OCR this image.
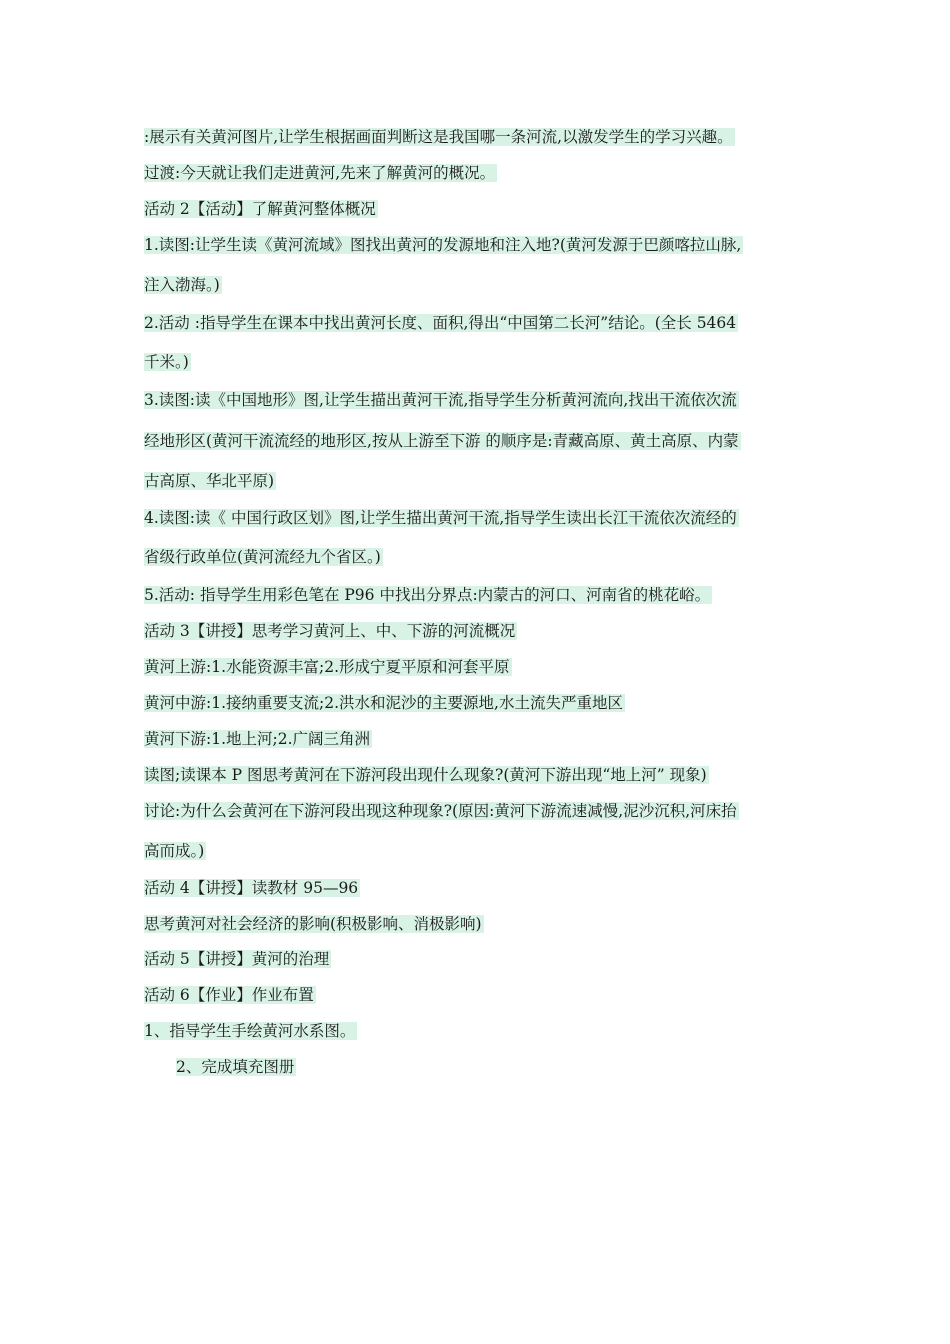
:展示有关黄河图片,让学生根据画面判断这是我国哪一条河流,以激发学生的学习兴趣。
过渡:今天就让我们走进黄河,先来了解黄河的概况。
活动 2【活动】了解黄河整体概况
1.读图:让学生读《黄河流域》图找出黄河的发源地和注入地?(黄河发源于巴颜喀拉山脉,
注入渤海。)
2.活动 :指导学生在课本中找出黄河长度、面积,得出“中国第二长河”结论。(全长 5464
千米。)
3.读图:读《中国地形》图,让学生描出黄河干流,指导学生分析黄河流向,找出干流依次流
经地形区(黄河干流流经的地形区,按从上游至下游 的顺序是:青藏高原、黄土高原、内蒙
古高原、华北平原)
4.读图:读《 中国行政区划》图,让学生描出黄河干流,指导学生读出长江干流依次流经的
省级行政单位(黄河流经九个省区。)
5.活动: 指导学生用彩色笔在 P96 中找出分界点:内蒙古的河口、河南省的桃花峪。
活动 3【讲授】思考学习黄河上、中、下游的河流概况
黄河上游:1.水能资源丰富;2.形成宁夏平原和河套平原
黄河中游:1.接纳重要支流;2.洪水和泥沙的主要源地,水土流失严重地区
黄河下游:1.地上河;2.广阔三角洲
读图;读课本 P 图思考黄河在下游河段出现什么现象?(黄河下游出现“地上河” 现象)
讨论:为什么会黄河在下游河段出现这种现象?(原因:黄河下游流速减慢,泥沙沉积,河床抬
高而成。)
活动 4【讲授】读教材 95—96
思考黄河对社会经济的影响(积极影响、消极影响)
活动 5【讲授】黄河的治理
活动 6【作业】作业布置
1、指导学生手绘黄河水系图。
2、完成填充图册
